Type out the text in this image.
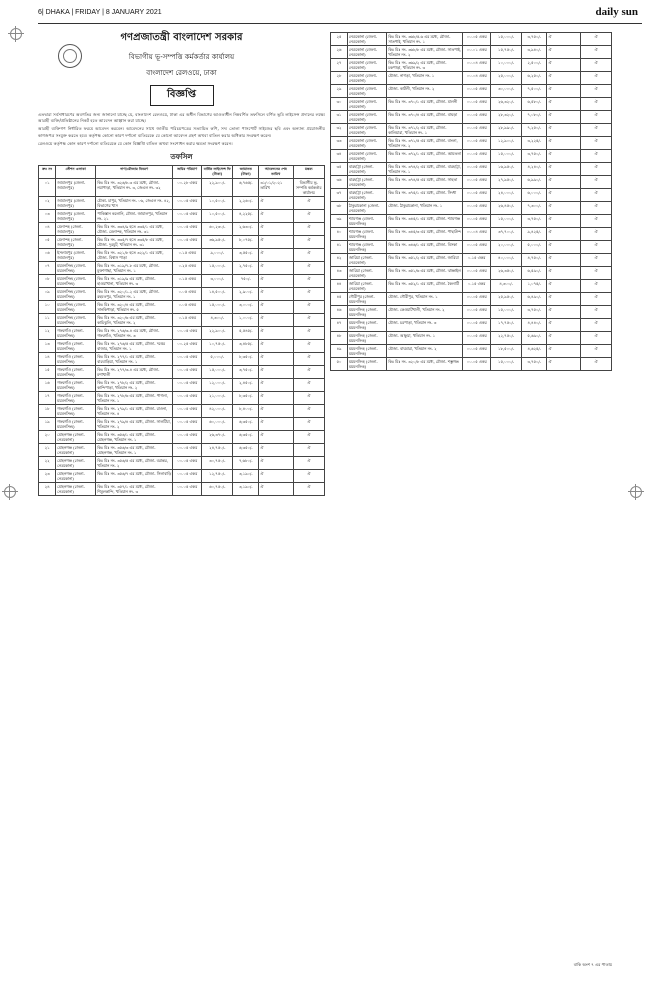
6| DHAKA | FRIDAY | 8 JANUARY 2021	daily sun
গণপ্রজাতন্ত্রী বাংলাদেশ সরকার
বিভাগীয় ভূ-সম্পত্তি কর্মকর্তার কার্যালয়
বাংলাদেশ রেলওয়ে, ঢাকা
বিজ্ঞপ্তি

এতদ্বারা সর্বসাধারণের অবগতির জন্য জানানো যাচ্ছে যে, বাংলাদেশ রেলওয়ে, ঢাকা এর অধীন বিভাগের আওতাধীন নিম্নবর্ণিত তফসিলে বর্ণিত ভূমি লাইসেন্স প্রদানের লক্ষ্যে আগ্রহী ব্যক্তি/প্রতিষ্ঠানের নিকট হতে আবেদন আহ্বান করা যাচ্ছে।

আগ্রহী ব্যক্তিগণ নির্ধারিত ফরমে আবেদন করবেন। আবেদনের সাথে জাতীয় পরিচয়পত্রের সত্যায়িত কপি, সদ্য তোলা পাসপোর্ট সাইজের ছবি এবং অন্যান্য প্রয়োজনীয় কাগজপত্র সংযুক্ত করতে হবে। কর্তৃপক্ষ কোনো কারণ দর্শানো ব্যতিরেকে যে কোনো আবেদন গ্রহণ অথবা বাতিল করার অধিকার সংরক্ষণ করেন।

রেলওয়ে কর্তৃপক্ষ কোন কারণ দর্শানো ব্যতিরেকে যে কোন বিজ্ঞপ্তি বাতিল অথবা সংশোধন করার ক্ষমতা সংরক্ষণ করেন।

তফসিল
ক্রঃ নং	স্টেশন এলাকা	দাগ/মৌজার বিবরণ	জমির পরিমাণ	বার্ষিক লাইসেন্স ফি (টাকা)	জামানত (টাকা)	আবেদনের শেষ তারিখ	মন্তব্য
০১	জামালপুর (জেলা- জামালপুর)	কিঃ মিঃ নং- ৩২৬/৮-৩ এর মধ্যে, মৌজা- নয়াপাড়া, খতিয়ান নং- ৩, জেএল নং- ৩২	০০.২৮ একর	২২,৯০০/-	৬,৭৬৫/-	৩১/০১/২০২১ তারিখ	বিভাগীয় ভূ-সম্পত্তি কর্মকর্তার কার্যালয়
০২	জামালপুর (জেলা- জামালপুর)	চৌকা- চাপুর, খতিয়ান নং- ০৬, জেএল নং- ৪২, বিভাগের খাস	০০.০৫ একর	১০,৫০০/-	২,২৬০/-	ঐ	ঐ
০৩	জামালপুর (জেলা- জামালপুর)	পাকিস্তান কলোনি, মৌজা- জামালপুর, খতিয়ান নং- ২১	০০.০৫ একর	১০,৫০০/-	৪,২২৫/-	ঐ	ঐ
০৪	মেলান্দহ (জেলা- জামালপুর)	কিঃ মিঃ নং- ৩৩৪/৯ হতে ৩৩৫/১ এর মধ্যে, মৌজা- মেলান্দহ, খতিয়ান নং- ৩১	০০.০৫ একর	৬০,২৩০/-	২,৬৩০/-	ঐ	ঐ
০৫	মেলান্দহ (জেলা- জামালপুর)	কিঃ মিঃ নং- ৩৩৫/৭ হতে ৩৩৫/৮ এর মধ্যে, মৌজা- দুরমুট, খতিয়ান নং- ৩১	০০.০৫ একর	৩৬,৯৫০/-	৮,০৭৫/-	ঐ	ঐ
০৬	ইসলামপুর (জেলা- জামালপুর)	কিঃ মিঃ নং- ৩২১/৮ হতে ৩২২/১ এর মধ্যে, মৌজা- বিশ্বাস পাড়া	০.১৫ একর	৯,০০০/-	৩,৫৫০/-	ঐ	ঐ
০৭	ময়মনসিংহ (জেলা- ময়মনসিংহ)	কিঃ মিঃ নং- ৩১৯/৭-৮ এর মধ্যে, মৌজা- মুক্তাগাছা, খতিয়ান নং- ১	০.২৫ একর	১৫,০০০/-	২,৭৫০/-	ঐ	ঐ
০৮	ময়মনসিংহ (জেলা- ময়মনসিংহ)	কিঃ মিঃ নং- ৩১৯/৯ এর মধ্যে, মৌজা- হাওয়াখানা, খতিয়ান নং- ৩	০.১৫ একর	৩,০০০/-	৭৫০/-	ঐ	ঐ
০৯	ময়মনসিংহ (জেলা- ময়মনসিংহ)	কিঃ মিঃ নং- ৩২০/১-২ এর মধ্যে, মৌজা- রহমতপুর, খতিয়ান নং- ১	০.০৫ একর	১৪,৫০০/-	২,৯০০/-	ঐ	ঐ
১০	ময়মনসিংহ (জেলা- ময়মনসিংহ)	কিঃ মিঃ নং- ৩২০/৪ এর মধ্যে, মৌজা- সানকিপাড়া, খতিয়ান নং- ৫	০.০৫ একর	১৫,০০০/-	৩,০০০/-	ঐ	ঐ
১১	ময়মনসিংহ (জেলা- ময়মনসিংহ)	কিঃ মিঃ নং- ৩২০/৬ এর মধ্যে, মৌজা- কাচিঝুলি, খতিয়ান নং- ২	০.১৫ একর	৪,৩০০/-	১,০০০/-	ঐ	ঐ
১২	গফরগাঁও (জেলা- ময়মনসিংহ)	কিঃ মিঃ নং- ২৭৬/৩-৪ এর মধ্যে, মৌজা- গফরগাঁও, খতিয়ান নং- ৩	০০.০৫ একর	২২,৯০০/-	৫,৫৪৫/-	ঐ	ঐ
১৩	গফরগাঁও (জেলা- ময়মনসিংহ)	কিঃ মিঃ নং- ২৭৬/৫ এর মধ্যে, মৌজা- দত্তের বাজার, খতিয়ান নং- ১	০০.২৫ একর	১০,৭৫০/-	৩,৪৮৫/-	ঐ	ঐ
১৪	গফরগাঁও (জেলা- ময়মনসিংহ)	কিঃ মিঃ নং- ২৭৭/১ এর মধ্যে, মৌজা- বারবাড়িয়া, খতিয়ান নং- ১	০০.০৫ একর	৫,০০০/-	৮,৩৫০/-	ঐ	ঐ
১৫	গফরগাঁও (জেলা- ময়মনসিংহ)	কিঃ মিঃ নং- ২৭৭/৩-৪ এর মধ্যে, মৌজা- মশাখালী	০০.০৫ একর	১৫,০০০/-	৩,৭৫০/-	ঐ	ঐ
১৬	গফরগাঁও (জেলা- ময়মনসিংহ)	কিঃ মিঃ নং- ২৭৮/২ এর মধ্যে, মৌজা- কান্দিপাড়া, খতিয়ান নং- ২	০০.০৫ একর	১২,০০০/-	২,৪৫০/-	ঐ	ঐ
১৭	গফরগাঁও (জেলা- ময়মনসিংহ)	কিঃ মিঃ নং- ২৭৮/৬ এর মধ্যে, মৌজা- পাগলা, খতিয়ান নং- ১	০০.০৫ একর	২১,০০০/-	৮,৩৫০/-	ঐ	ঐ
১৮	গফরগাঁও (জেলা- ময়মনসিংহ)	কিঃ মিঃ নং- ২৭৯/১ এর মধ্যে, মৌজা- রাওনা, খতিয়ান নং- ৪	০০.০৫ একর	৪২,০০০/-	৮,৪০০/-	ঐ	ঐ
১৯	গফরগাঁও (জেলা- ময়মনসিংহ)	কিঃ মিঃ নং- ২৭৯/৪ এর মধ্যে, মৌজা- সালটিয়া, খতিয়ান নং- ২	০০.০৫ একর	৬০,০০০/-	৬,৩৫০/-	ঐ	ঐ
২০	মোহনগঞ্জ (জেলা- নেত্রকোনা)	কিঃ মিঃ নং- ৩৫৬/১ এর মধ্যে, মৌজা- মোহনগঞ্জ, খতিয়ান নং- ১	০০.০৫ একর	২৬,৩৭০/-	৬,৩৫০/-	ঐ	ঐ
২১	মোহনগঞ্জ (জেলা- নেত্রকোনা)	কিঃ মিঃ নং- ৩৫৬/৩ এর মধ্যে, মৌজা- মোহনগঞ্জ, খতিয়ান নং- ১	০০.০৫ একর	২৪,৭৫০/-	৬,৩৫০/-	ঐ	ঐ
২২	মোহনগঞ্জ (জেলা- নেত্রকোনা)	কিঃ মিঃ নং- ৩৫৬/৫ এর মধ্যে, মৌজা- বরান্তর, খতিয়ান নং- ২	০০.০৫ একর	৩০,৭৫০/-	৭,৬৮০/-	ঐ	ঐ
২৩	মোহনগঞ্জ (জেলা- নেত্রকোনা)	কিঃ মিঃ নং- ৩৫৬/৭ এর মধ্যে, মৌজা- সিলাবাড়ি	০০.০৫ একর	১২,৭৫০/-	৩,১৯০/-	ঐ	ঐ
২৪	মোহনগঞ্জ (জেলা- নেত্রকোনা)	কিঃ মিঃ নং- ৩৫৭/১ এর মধ্যে, মৌজা- শিমুলকান্দি, খতিয়ান নং- ৩	০০.০৫ একর	৬০,৭৫০/-	৩,১৯০/-	ঐ	ঐ
২৫	নেত্রকোনা (জেলা- নেত্রকোনা)	কিঃ মিঃ নং- ৩৬৮/৫-৬ এর মধ্যে, মৌজা- সাতপাই, খতিয়ান নং- ১	০০.০৫ একর	১৫,০০০/-	৩,৭৫০/-	ঐ	ঐ
২৬	নেত্রকোনা (জেলা- নেত্রকোনা)	কিঃ মিঃ নং- ৩৬৮/৮ এর মধ্যে, মৌজা- সাতপাই, খতিয়ান নং- ২	০০.০১ একর	১৫,৭৫০/-	৩,৯৪০/-	ঐ	ঐ
২৭	নেত্রকোনা (জেলা- নেত্রকোনা)	কিঃ মিঃ নং- ৩৬৯/২ এর মধ্যে, মৌজা- চকপাড়া, খতিয়ান নং- ৩	০০.০৪ একর	১০,০০০/-	২,৫০০/-	ঐ	ঐ
২৮	নেত্রকোনা (জেলা- নেত্রকোনা)	মৌজা- নাগড়া, খতিয়ান নং- ১	০০.০৪ একর	২৫,০০০/-	৬,২৫০/-	ঐ	ঐ
২৯	নেত্রকোনা (জেলা- নেত্রকোনা)	মৌজা- কাটলী, খতিয়ান নং- ২	০০.০৫ একর	৩০,০০০/-	৭,৫০০/-	ঐ	ঐ
৩০	নেত্রকোনা (জেলা- নেত্রকোনা)	কিঃ মিঃ নং- ৩৭০/১ এর মধ্যে, মৌজা- মালনী	০০.০৫ একর	২৬,৩২০/-	৬,৫৮০/-	ঐ	ঐ
৩১	নেত্রকোনা (জেলা- নেত্রকোনা)	কিঃ মিঃ নং- ৩৭০/৪ এর মধ্যে, মৌজা- বাঘড়া	০০.০৫ একর	২৮,৩২০/-	৭,০৮০/-	ঐ	ঐ
৩২	নেত্রকোনা (জেলা- নেত্রকোনা)	কিঃ মিঃ নং- ৩৭১/২ এর মধ্যে, মৌজা- কালিয়ারা, খতিয়ান নং- ১	০০.০৫ একর	২৮,৯৯০/-	৭,২৫০/-	ঐ	ঐ
৩৩	নেত্রকোনা (জেলা- নেত্রকোনা)	কিঃ মিঃ নং- ৩৭১/৫ এর মধ্যে, মৌজা- বাংলা, খতিয়ান নং- ২	০০.০৫ একর	১২,৯০০/-	৩,২২৫/-	ঐ	ঐ
৩৪	নেত্রকোনা (জেলা- নেত্রকোনা)	কিঃ মিঃ নং- ৩৭২/১ এর মধ্যে, মৌজা- আমতলা	০০.০৫ একর	১৫,০০০/-	৩,৭৫০/-	ঐ	ঐ
৩৫	বারহাট্টা (জেলা- নেত্রকোনা)	কিঃ মিঃ নং- ৩৭৪/২ এর মধ্যে, মৌজা- বারহাট্টা, খতিয়ান নং- ১	০০.০৫ একর	১৬,৯৫০/-	৪,২৪০/-	ঐ	ঐ
৩৬	বারহাট্টা (জেলা- নেত্রকোনা)	কিঃ মিঃ নং- ৩৭৪/৫ এর মধ্যে, মৌজা- সাহতা	০০.০৫ একর	২৭,৯৫০/-	৬,৯৯০/-	ঐ	ঐ
৩৭	বারহাট্টা (জেলা- নেত্রকোনা)	কিঃ মিঃ নং- ৩৭৫/১ এর মধ্যে, মৌজা- সিংধা	০০.০৫ একর	২৪,০০০/-	৬,০০০/-	ঐ	ঐ
৩৮	ঠাকুরাকোনা (জেলা- নেত্রকোনা)	মৌজা- ঠাকুরাকোনা, খতিয়ান নং- ১	০০.০৫ একর	২৬,৪৫০/-	৭,৩০০/-	ঐ	ঐ
৩৯	শ্যামগঞ্জ (জেলা- ময়মনসিংহ)	কিঃ মিঃ নং- ৩৪৫/১ এর মধ্যে, মৌজা- শ্যামগঞ্জ	০০.০৫ একর	১৫,০০০/-	৩,৭৫০/-	ঐ	ঐ
৪০	শ্যামগঞ্জ (জেলা- ময়মনসিংহ)	কিঃ মিঃ নং- ৩৪৫/৩ এর মধ্যে, মৌজা- পাছাউন্দ	০০.০৪ একর	৩৭,৭০০/-	৯,৪২৫/-	ঐ	ঐ
৪১	শ্যামগঞ্জ (জেলা- ময়মনসিংহ)	কিঃ মিঃ নং- ৩৪৬/১ এর মধ্যে, মৌজা- বিসকা	০০.০৫ একর	২০,০০০/-	৫,০০০/-	ঐ	ঐ
৪২	জারিয়া (জেলা- নেত্রকোনা)	কিঃ মিঃ নং- ৩৫১/২ এর মধ্যে, মৌজা- জারিয়া	০.১৫ একর	৪০,০০০/-	৪,৭৫০/-	ঐ	ঐ
৪৩	জারিয়া (জেলা- নেত্রকোনা)	কিঃ মিঃ নং- ৩৫১/৬ এর মধ্যে, মৌজা- ঝাঞ্জাইল	০০.০৫ একর	২৬,৩৫০/-	৬,৫৯০/-	ঐ	ঐ
৪৪	জারিয়া (জেলা- নেত্রকোনা)	কিঃ মিঃ নং- ৩৫২/১ এর মধ্যে, মৌজা- কৈলাটি	০.১৫ একর	৪,৩০০/-	১,০৭৫/-	ঐ	ঐ
৪৫	গৌরীপুর (জেলা- ময়মনসিংহ)	মৌজা- গৌরীপুর, খতিয়ান নং- ১	০০.০৫ একর	২৫,৯৫০/-	৬,৪৯০/-	ঐ	ঐ
৪৬	ময়মনসিংহ (জেলা- ময়মনসিংহ)	মৌজা- কেওয়াটখালী, খতিয়ান নং- ২	০০.০৫ একর	১৫,০০০/-	৩,৭৫০/-	ঐ	ঐ
৪৭	ময়মনসিংহ (জেলা- ময়মনসিংহ)	মৌজা- চরপাড়া, খতিয়ান নং- ৩	০০.০৫ একর	১৭,৭৫০/-	৪,৪৪০/-	ঐ	ঐ
৪৮	ময়মনসিংহ (জেলা- ময়মনসিংহ)	মৌজা- আকুয়া, খতিয়ান নং- ১	০০.০৫ একর	২২,৭৫০/-	৫,৬৯০/-	ঐ	ঐ
৪৯	ময়মনসিংহ (জেলা- ময়মনসিংহ)	মৌজা- বাঘমারা, খতিয়ান নং- ২	০০.০৫ একর	১৮,৫০০/-	৪,৬২৫/-	ঐ	ঐ
৫০	ময়মনসিংহ (জেলা- ময়মনসিংহ)	কিঃ মিঃ নং- ৩২০/৮ এর মধ্যে, মৌজা- শম্ভুগঞ্জ	০০.০৫ একর	১৫,০০০/-	৩,৭৫০/-	ঐ	ঐ
বাকি অংশ ৭ এর পাতায়
